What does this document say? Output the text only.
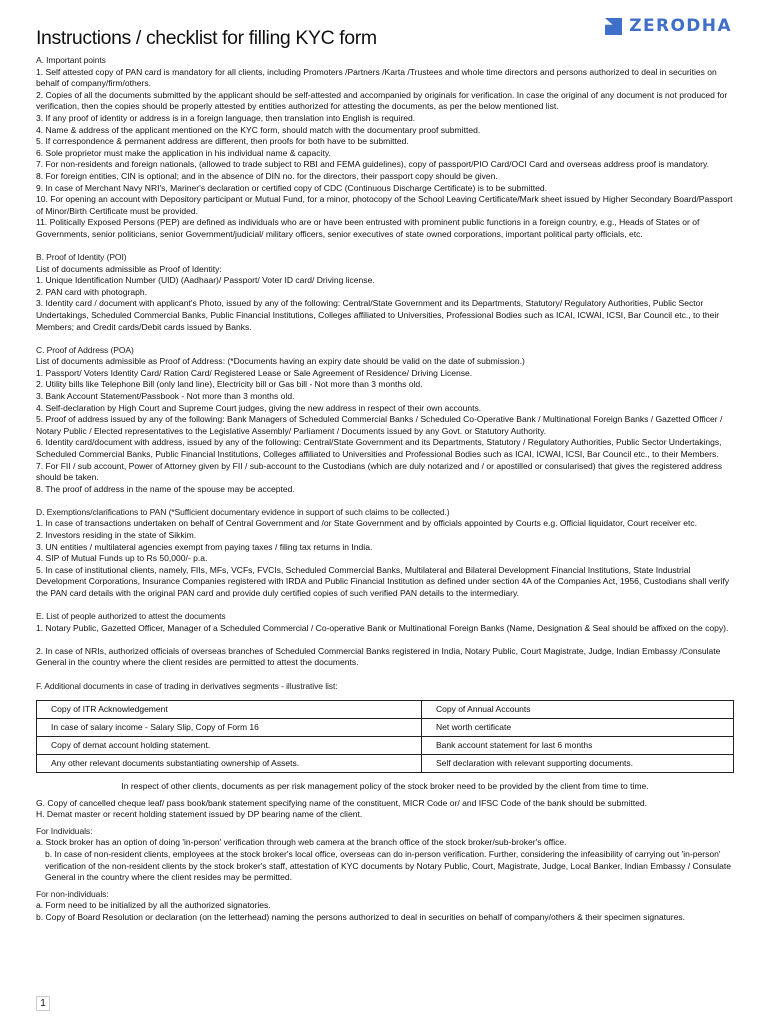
ZERODHA
Instructions / checklist for filling KYC form

A. Important points

1. Self attested copy of PAN card is mandatory for all clients, including Promoters /Partners /Karta /Trustees and whole time directors and persons authorized to deal in securities on behalf of company/firm/others.

2. Copies of all the documents submitted by the applicant should be self-attested and accompanied by originals for verification. In case the original of any document is not produced for verification, then the copies should be properly attested by entities authorized for attesting the documents, as per the below mentioned list.

3. If any proof of identity or address is in a foreign language, then translation into English is required.

4. Name & address of the applicant mentioned on the KYC form, should match with the documentary proof submitted.

5. If correspondence & permanent address are different, then proofs for both have to be submitted.

6. Sole proprietor must make the application in his individual name & capacity.

7. For non-residents and foreign nationals, (allowed to trade subject to RBI and FEMA guidelines), copy of passport/PIO Card/OCI Card and overseas address proof is mandatory.

8. For foreign entities, CIN is optional; and in the absence of DIN no. for the directors, their passport copy should be given.

9. In case of Merchant Navy NRI's, Mariner's declaration or certified copy of CDC (Continuous Discharge Certificate) is to be submitted.

10. For opening an account with Depository participant or Mutual Fund, for a minor, photocopy of the School Leaving Certificate/Mark sheet issued by Higher Secondary Board/Passport of Minor/Birth Certificate must be provided.

11. Politically Exposed Persons (PEP) are defined as individuals who are or have been entrusted with prominent public functions in a foreign country, e.g., Heads of States or of Governments, senior politicians, senior Government/judicial/ military officers, senior executives of state owned corporations, important political party officials, etc.

B. Proof of Identity (POI)

List of documents admissible as Proof of Identity:

1. Unique Identification Number (UID) (Aadhaar)/ Passport/ Voter ID card/ Driving license.

2. PAN card with photograph.

3. Identity card / document with applicant's Photo, issued by any of the following: Central/State Government and its Departments, Statutory/ Regulatory Authorities, Public Sector Undertakings, Scheduled Commercial Banks, Public Financial Institutions, Colleges affiliated to Universities, Professional Bodies such as ICAI, ICWAI, ICSI, Bar Council etc., to their Members; and Credit cards/Debit cards issued by Banks.

C. Proof of Address (POA)

List of documents admissible as Proof of Address: (*Documents having an expiry date should be valid on the date of submission.)

1. Passport/ Voters Identity Card/ Ration Card/ Registered Lease or Sale Agreement of Residence/ Driving License.

2. Utility bills like Telephone Bill (only land line), Electricity bill or Gas bill - Not more than 3 months old.

3. Bank Account Statement/Passbook - Not more than 3 months old.

4. Self-declaration by High Court and Supreme Court judges, giving the new address in respect of their own accounts.

5. Proof of address issued by any of the following: Bank Managers of Scheduled Commercial Banks / Scheduled Co-Operative Bank / Multinational Foreign Banks / Gazetted Officer / Notary Public / Elected representatives to the Legislative Assembly/ Parliament / Documents issued by any Govt. or Statutory Authority.

6. Identity card/document with address, issued by any of the following: Central/State Government and its Departments, Statutory / Regulatory Authorities, Public Sector Undertakings, Scheduled Commercial Banks, Public Financial Institutions, Colleges affiliated to Universities and Professional Bodies such as ICAI, ICWAI, ICSI, Bar Council etc., to their Members.

7. For FII / sub account, Power of Attorney given by FII / sub-account to the Custodians (which are duly notarized and / or apostilled or consularised) that gives the registered address should be taken.

8. The proof of address in the name of the spouse may be accepted.

D. Exemptions/clarifications to PAN (*Sufficient documentary evidence in support of such claims to be collected.)

1. In case of transactions undertaken on behalf of Central Government and /or State Government and by officials appointed by Courts e.g. Official liquidator, Court receiver etc.

2. Investors residing in the state of Sikkim.

3. UN entities / multilateral agencies exempt from paying taxes / filing tax returns in India.

4. SIP of Mutual Funds up to Rs 50,000/- p.a.

5. In case of institutional clients, namely, FIIs, MFs, VCFs, FVCIs, Scheduled Commercial Banks, Multilateral and Bilateral Development Financial Institutions, State Industrial Development Corporations, Insurance Companies registered with IRDA and Public Financial Institution as defined under section 4A of the Companies Act, 1956, Custodians shall verify the PAN card details with the original PAN card and provide duly certified copies of such verified PAN details to the intermediary.

E. List of people authorized to attest the documents

1. Notary Public, Gazetted Officer, Manager of a Scheduled Commercial / Co-operative Bank or Multinational Foreign Banks (Name, Designation & Seal should be affixed on the copy).

2. In case of NRIs, authorized officials of overseas branches of Scheduled Commercial Banks registered in India, Notary Public, Court Magistrate, Judge, Indian Embassy /Consulate General in the country where the client resides are permitted to attest the documents.

F. Additional documents in case of trading in derivatives segments - illustrative list:

Copy of ITR Acknowledgement	Copy of Annual Accounts
In case of salary income - Salary Slip, Copy of Form 16	Net worth certificate
Copy of demat account holding statement.	Bank account statement for last 6 months
Any other relevant documents substantiating ownership of Assets.	Self declaration with relevant supporting documents.

In respect of other clients, documents as per risk management policy of the stock broker need to be provided by the client from time to time.

G. Copy of cancelled cheque leaf/ pass book/bank statement specifying name of the constituent, MICR Code or/ and IFSC Code of the bank should be submitted.

H. Demat master or recent holding statement issued by DP bearing name of the client.

For Individuals:

a. Stock broker has an option of doing 'in-person' verification through web camera at the branch office of the stock broker/sub-broker's office.

b. In case of non-resident clients, employees at the stock broker's local office, overseas can do in-person verification. Further, considering the infeasibility of carrying out 'in-person' verification of the non-resident clients by the stock broker's staff, attestation of KYC documents by Notary Public, Court, Magistrate, Judge, Local Banker, Indian Embassy / Consulate General in the country where the client resides may be permitted.

For non-individuals:

a. Form need to be initialized by all the authorized signatories.

b. Copy of Board Resolution or declaration (on the letterhead) naming the persons authorized to deal in securities on behalf of company/others & their specimen signatures.

1
